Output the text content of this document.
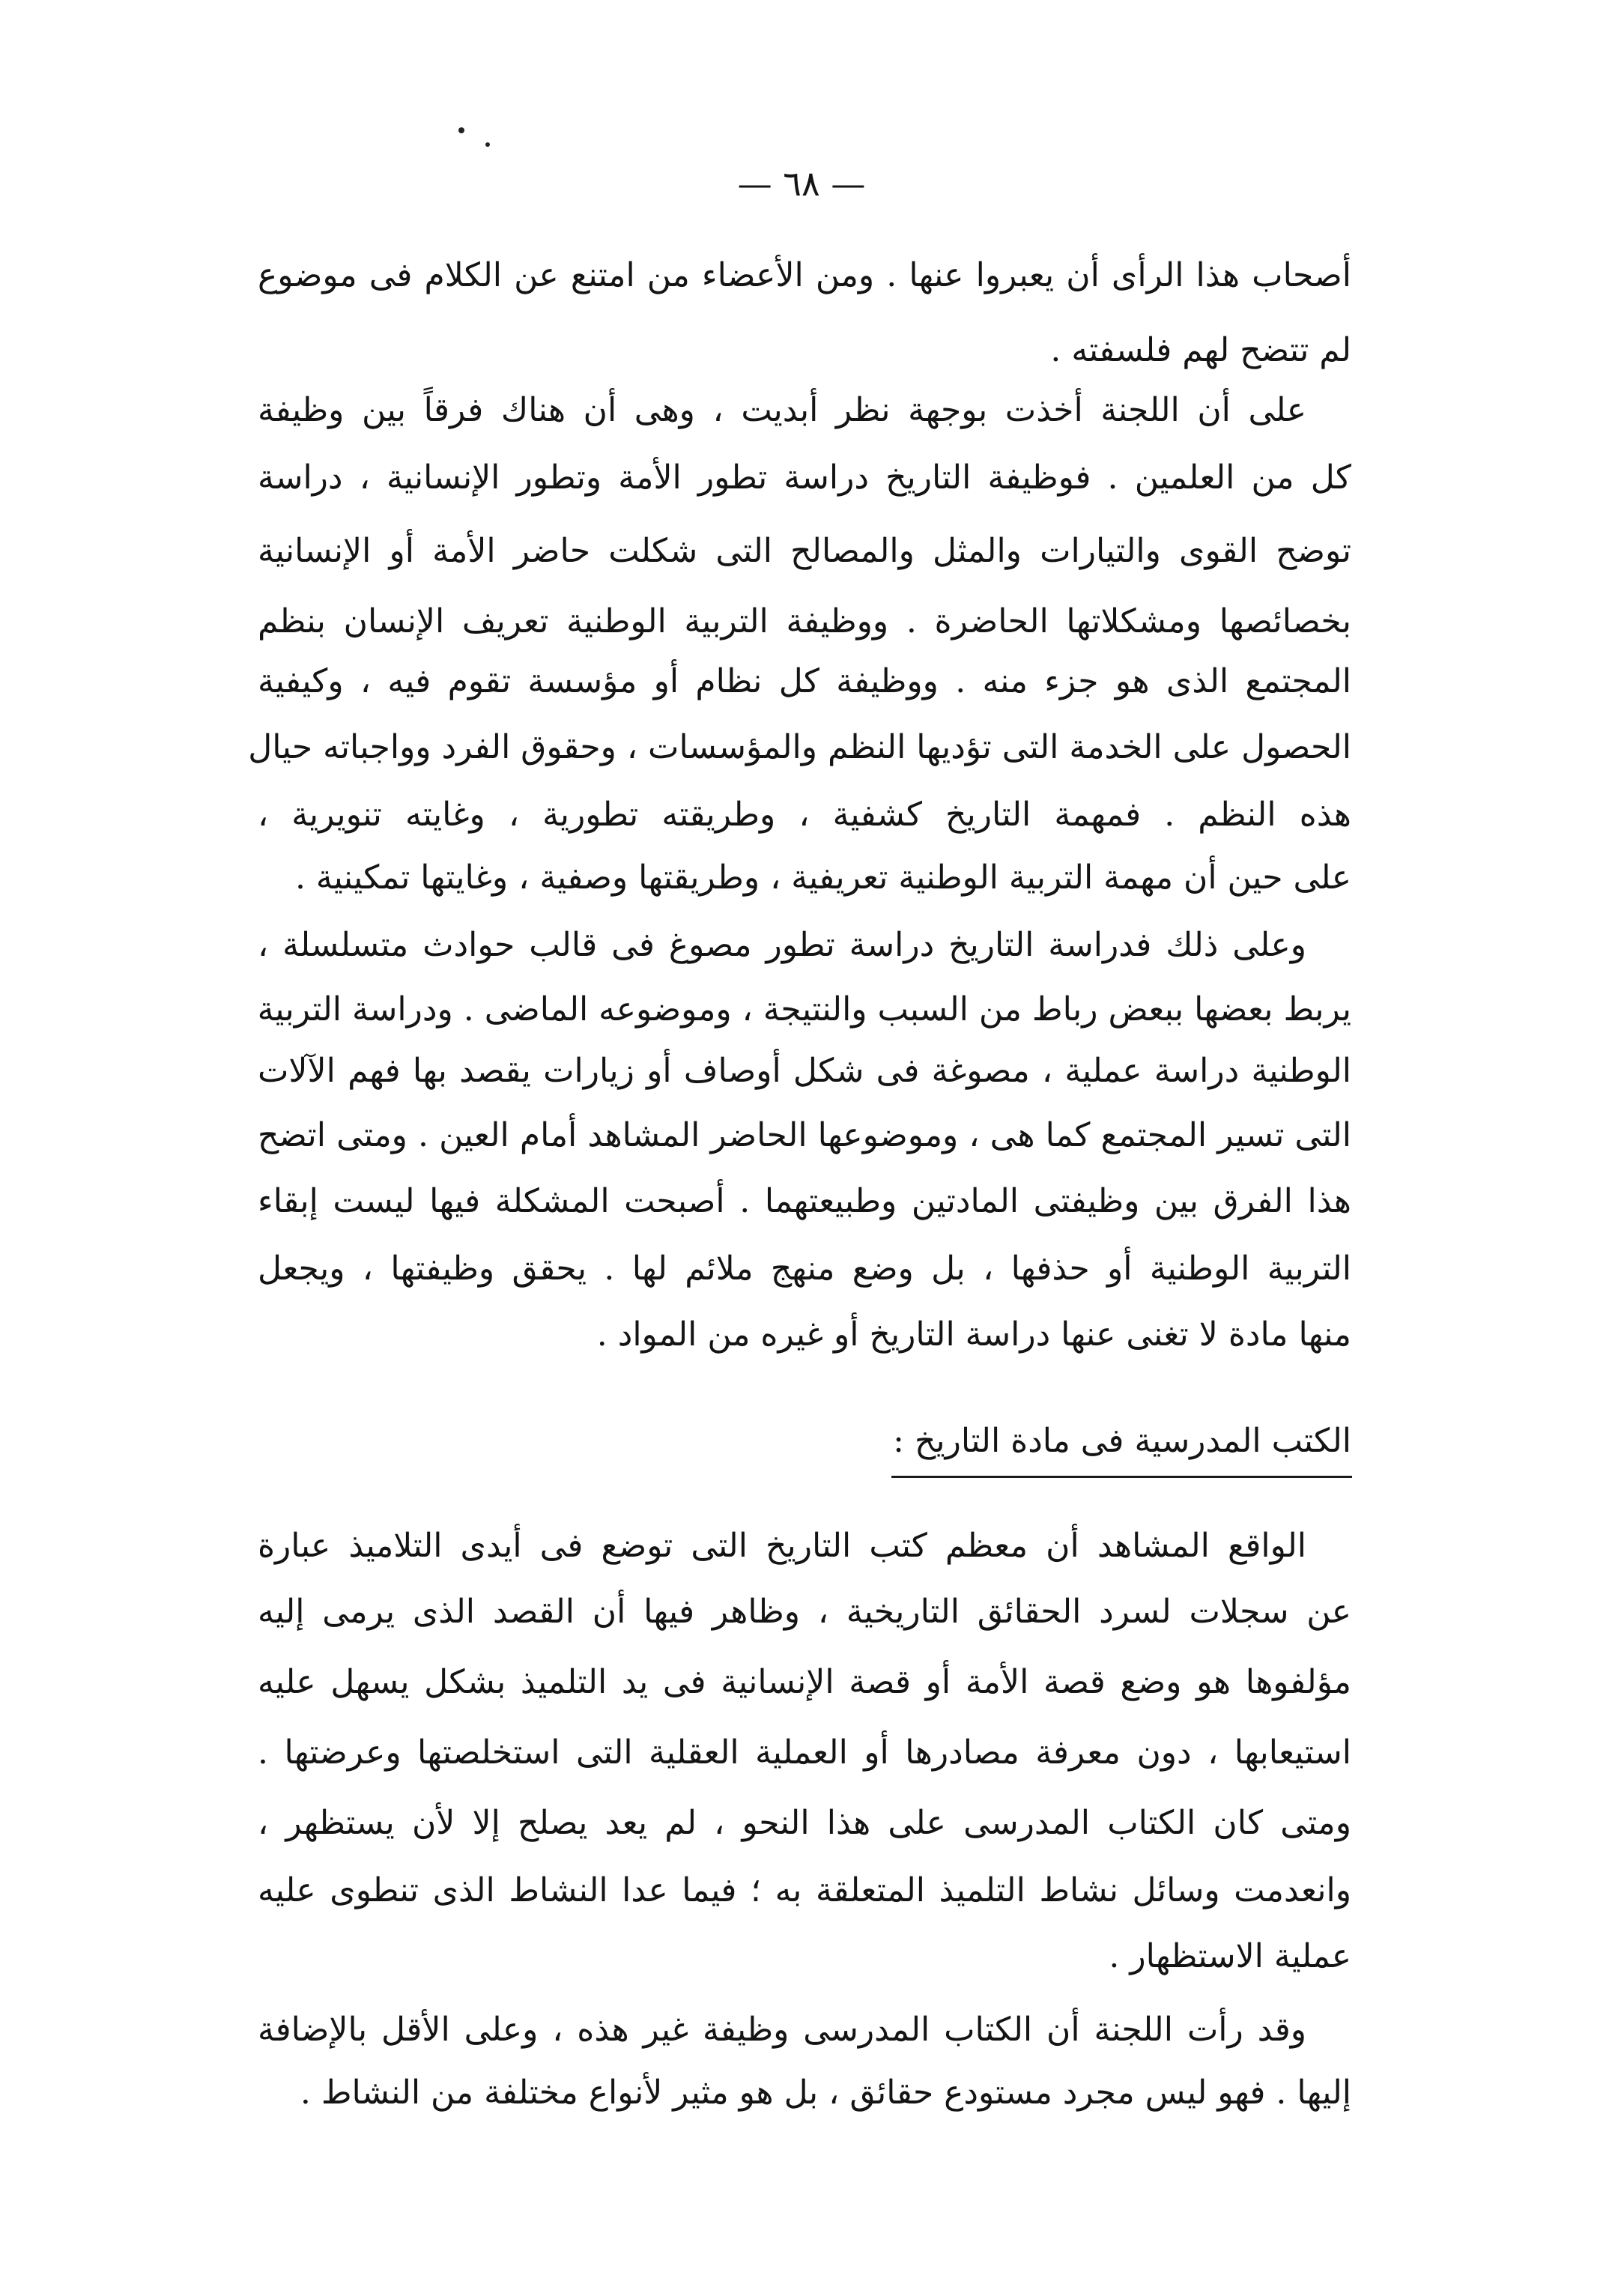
— ٦٨ —
أصحاب هذا الرأى أن يعبروا عنها . ومن الأعضاء من امتنع عن الكلام فى موضوع
لم تتضح لهم فلسفته .
على أن اللجنة أخذت بوجهة نظر أبديت ، وهى أن هناك فرقاً بين وظيفة
كل من العلمين . فوظيفة التاريخ دراسة تطور الأمة وتطور الإنسانية ، دراسة
توضح القوى والتيارات والمثل والمصالح التى شكلت حاضر الأمة أو الإنسانية
بخصائصها ومشكلاتها الحاضرة . ووظيفة التربية الوطنية تعريف الإنسان بنظم
المجتمع الذى هو جزء منه . ووظيفة كل نظام أو مؤسسة تقوم فيه ، وكيفية
الحصول على الخدمة التى تؤديها النظم والمؤسسات ، وحقوق الفرد وواجباته حيال
هذه النظم . فمهمة التاريخ كشفية ، وطريقته تطورية ، وغايته تنويرية ،
على حين أن مهمة التربية الوطنية تعريفية ، وطريقتها وصفية ، وغايتها تمكينية .
وعلى ذلك فدراسة التاريخ دراسة تطور مصوغ فى قالب حوادث متسلسلة ،
يربط بعضها ببعض رباط من السبب والنتيجة ، وموضوعه الماضى . ودراسة التربية
الوطنية دراسة عملية ، مصوغة فى شكل أوصاف أو زيارات يقصد بها فهم الآلات
التى تسير المجتمع كما هى ، وموضوعها الحاضر المشاهد أمام العين . ومتى اتضح
هذا الفرق بين وظيفتى المادتين وطبيعتهما . أصبحت المشكلة فيها ليست إبقاء
التربية الوطنية أو حذفها ، بل وضع منهج ملائم لها . يحقق وظيفتها ، ويجعل
منها مادة لا تغنى عنها دراسة التاريخ أو غيره من المواد .
الكتب المدرسية فى مادة التاريخ :
الواقع المشاهد أن معظم كتب التاريخ التى توضع فى أيدى التلاميذ عبارة
عن سجلات لسرد الحقائق التاريخية ، وظاهر فيها أن القصد الذى يرمى إليه
مؤلفوها هو وضع قصة الأمة أو قصة الإنسانية فى يد التلميذ بشكل يسهل عليه
استيعابها ، دون معرفة مصادرها أو العملية العقلية التى استخلصتها وعرضتها .
ومتى كان الكتاب المدرسى على هذا النحو ، لم يعد يصلح إلا لأن يستظهر ،
وانعدمت وسائل نشاط التلميذ المتعلقة به ؛ فيما عدا النشاط الذى تنطوى عليه
عملية الاستظهار .
وقد رأت اللجنة أن الكتاب المدرسى وظيفة غير هذه ، وعلى الأقل بالإضافة
إليها . فهو ليس مجرد مستودع حقائق ، بل هو مثير لأنواع مختلفة من النشاط .
